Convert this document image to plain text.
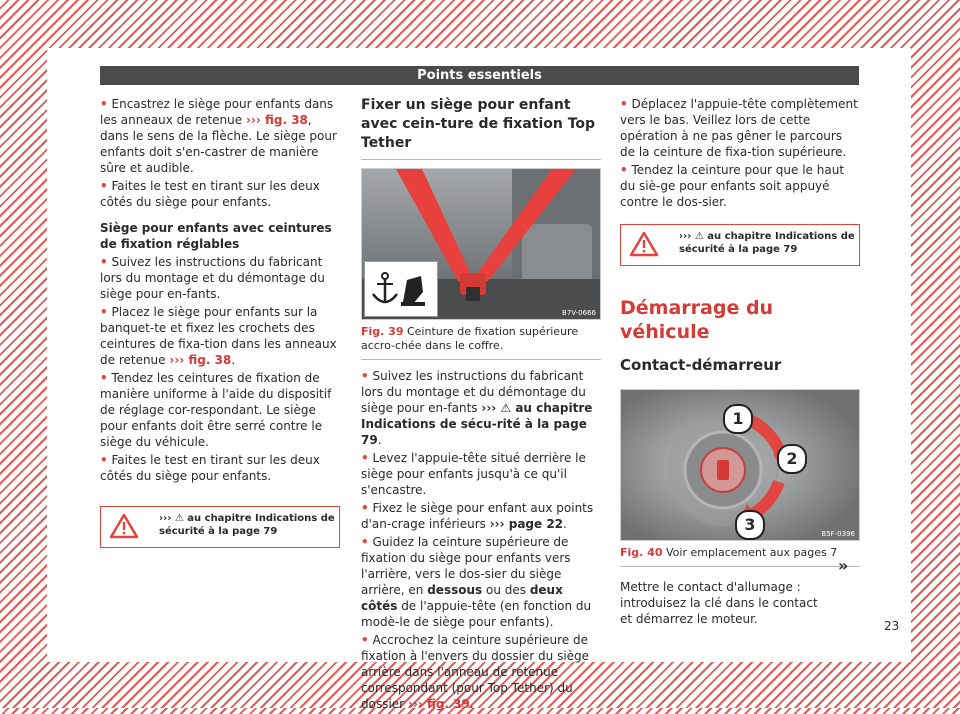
Points essentiels

• Encastrez le siège pour enfants dans les anneaux de retenue ››› fig. 38, dans le sens de la flèche. Le siège pour enfants doit s'en-castrer de manière sûre et audible.

• Faites le test en tirant sur les deux côtés du siège pour enfants.

Siège pour enfants avec ceintures de fixation réglables

• Suivez les instructions du fabricant lors du montage et du démontage du siège pour en-fants.

• Placez le siège pour enfants sur la banquet-te et fixez les crochets des ceintures de fixa-tion dans les anneaux de retenue ››› fig. 38.

• Tendez les ceintures de fixation de manière uniforme à l'aide du dispositif de réglage cor-respondant. Le siège pour enfants doit être serré contre le siège du véhicule.

• Faites le test en tirant sur les deux côtés du siège pour enfants.

››› ⚠ au chapitre Indications de sécurité à la page 79
Fixer un siège pour enfant avec cein-ture de fixation Top Tether
B7V-0666
Fig. 39 Ceinture de fixation supérieure accro-chée dans le coffre.

• Suivez les instructions du fabricant lors du montage et du démontage du siège pour en-fants ››› ⚠ au chapitre Indications de sécu-rité à la page 79.

• Levez l'appuie-tête situé derrière le siège pour enfants jusqu'à ce qu'il s'encastre.

• Fixez le siège pour enfant aux points d'an-crage inférieurs ››› page 22.

• Guidez la ceinture supérieure de fixation du siège pour enfants vers l'arrière, vers le dos-sier du siège arrière, en dessous ou des deux côtés de l'appuie-tête (en fonction du modè-le de siège pour enfants).

• Accrochez la ceinture supérieure de fixation à l'envers du dossier du siège arrière dans l'anneau de retenue correspondant (pour Top Tether) du dossier ››› fig. 39.

• Déplacez l'appuie-tête complètement vers le bas. Veillez lors de cette opération à ne pas gêner le parcours de la ceinture de fixa-tion supérieure.

• Tendez la ceinture pour que le haut du siè-ge pour enfants soit appuyé contre le dos-sier.

››› ⚠ au chapitre Indications de sécurité à la page 79
Démarrage du véhicule
Contact-démarreur
1
2
3	B5F-0396
Fig. 40 Voir emplacement aux pages 7

Mettre le contact d'allumage : introduisez la clé dans le contact et démarrez le moteur.

»
23
